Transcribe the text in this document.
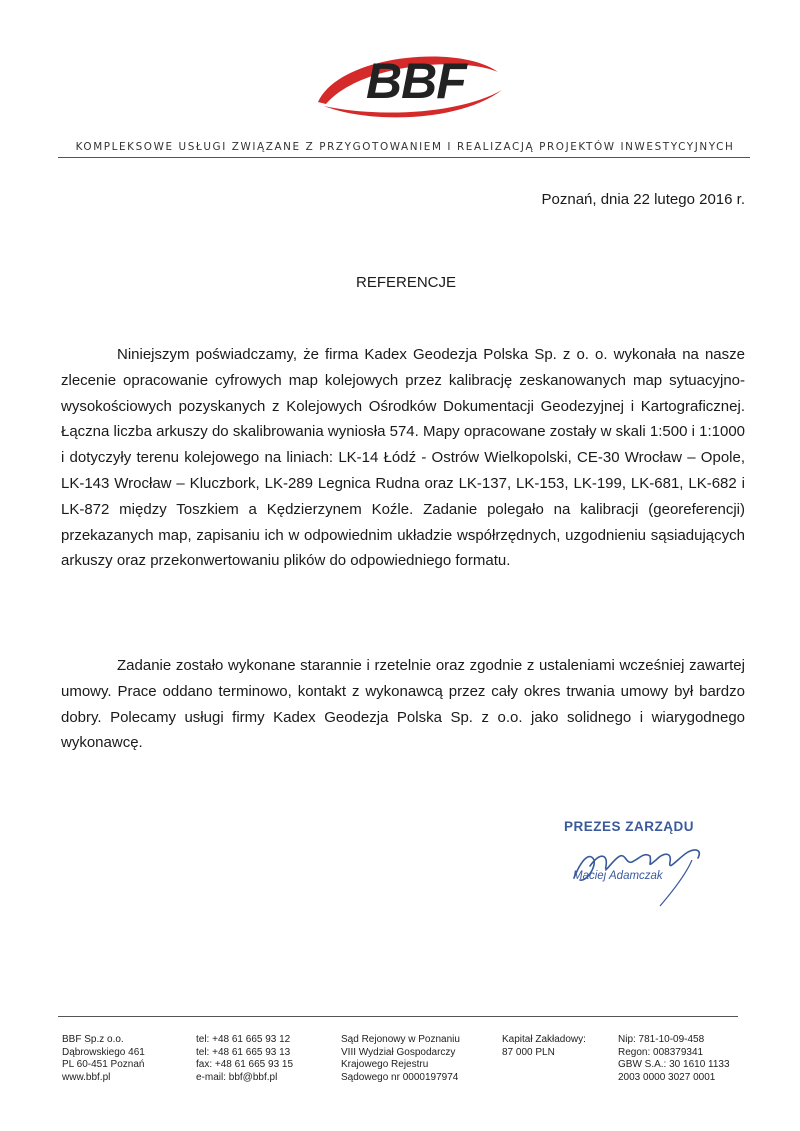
BBF
KOMPLEKSOWE USŁUGI ZWIĄZANE Z PRZYGOTOWANIEM I REALIZACJĄ PROJEKTÓW INWESTYCYJNYCH
Poznań, dnia 22 lutego 2016 r.
REFERENCJE

Niniejszym poświadczamy, że firma Kadex Geodezja Polska Sp. z o. o. wykonała na nasze zlecenie opracowanie cyfrowych map kolejowych przez kalibrację zeskanowanych map sytuacyjno-wysokościowych pozyskanych z Kolejowych Ośrodków Dokumentacji Geodezyjnej i Kartograficznej. Łączna liczba arkuszy do skalibrowania wyniosła 574. Mapy opracowane zostały w skali 1:500 i 1:1000 i dotyczyły terenu kolejowego na liniach: LK-14 Łódź - Ostrów Wielkopolski, CE-30 Wrocław – Opole, LK-143 Wrocław – Kluczbork, LK-289 Legnica Rudna oraz LK-137, LK-153, LK-199, LK-681, LK-682 i LK-872 między Toszkiem a Kędzierzynem Koźle. Zadanie polegało na kalibracji (georeferencji) przekazanych map, zapisaniu ich w odpowiednim układzie współrzędnych, uzgodnieniu sąsiadujących arkuszy oraz przekonwertowaniu plików do odpowiedniego formatu.

Zadanie zostało wykonane starannie i rzetelnie oraz zgodnie z ustaleniami wcześniej zawartej umowy. Prace oddano terminowo, kontakt z wykonawcą przez cały okres trwania umowy był bardzo dobry. Polecamy usługi firmy Kadex Geodezja Polska Sp. z o.o. jako solidnego i wiarygodnego wykonawcę.

PREZES ZARZĄDU
Maciej Adamczak
BBF Sp.z o.o.
Dąbrowskiego 461
PL 60-451 Poznań
www.bbf.pl
tel: +48 61 665 93 12
tel: +48 61 665 93 13
fax: +48 61 665 93 15
e-mail: bbf@bbf.pl
Sąd Rejonowy w Poznaniu
VIII Wydział Gospodarczy
Krajowego Rejestru
Sądowego nr 0000197974
Kapitał Zakładowy:
87 000 PLN
Nip: 781-10-09-458
Regon: 008379341
GBW S.A.: 30 1610 1133
2003 0000 3027 0001
